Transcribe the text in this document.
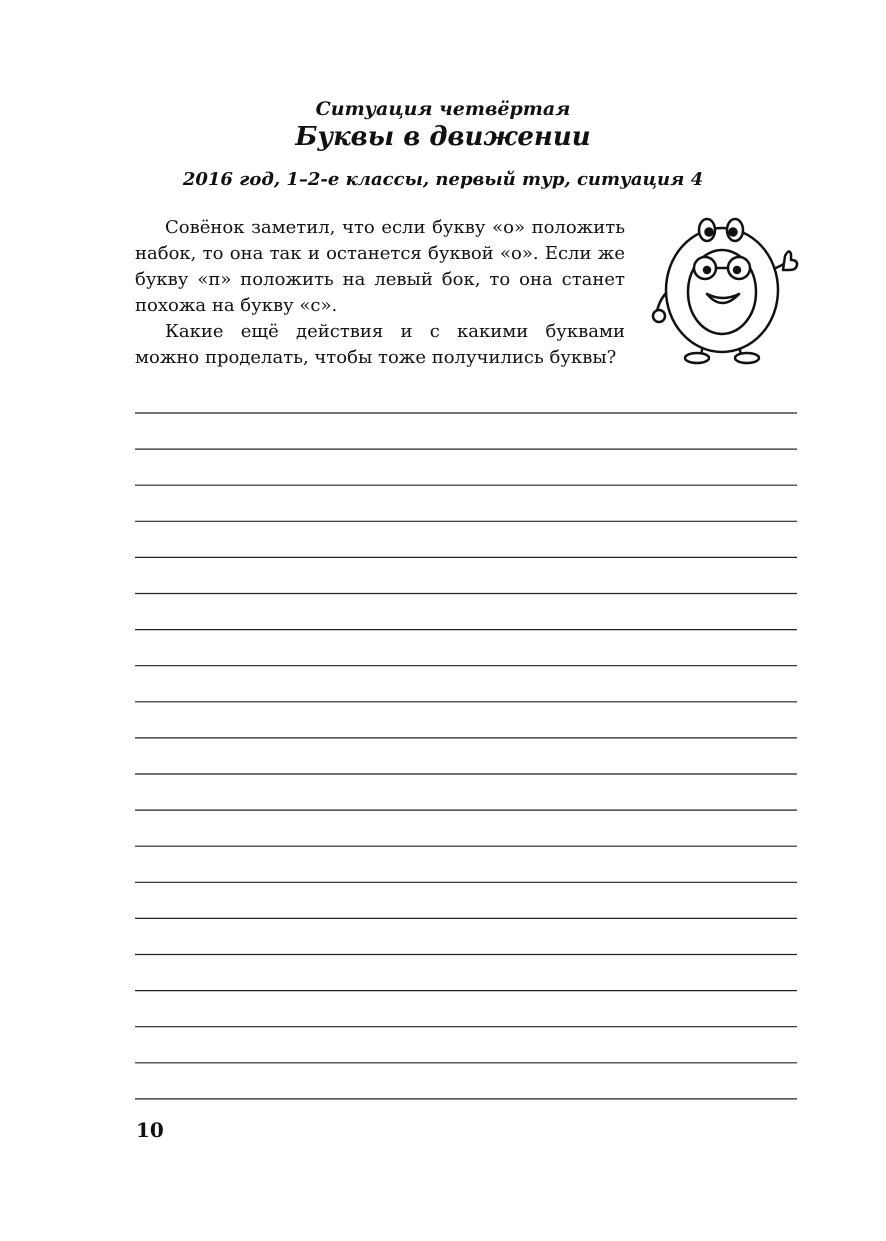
Ситуация четвёртая
Буквы в движении
2016 год, 1–2-е классы, первый тур, ситуация 4

Совёнок заметил, что если букву «о» положить набок, то она так и останется буквой «о». Если же букву «п» положить на левый бок, то она станет похожа на букву «с».

Какие ещё действия и с какими буквами можно проделать, чтобы тоже получились буквы?

10
